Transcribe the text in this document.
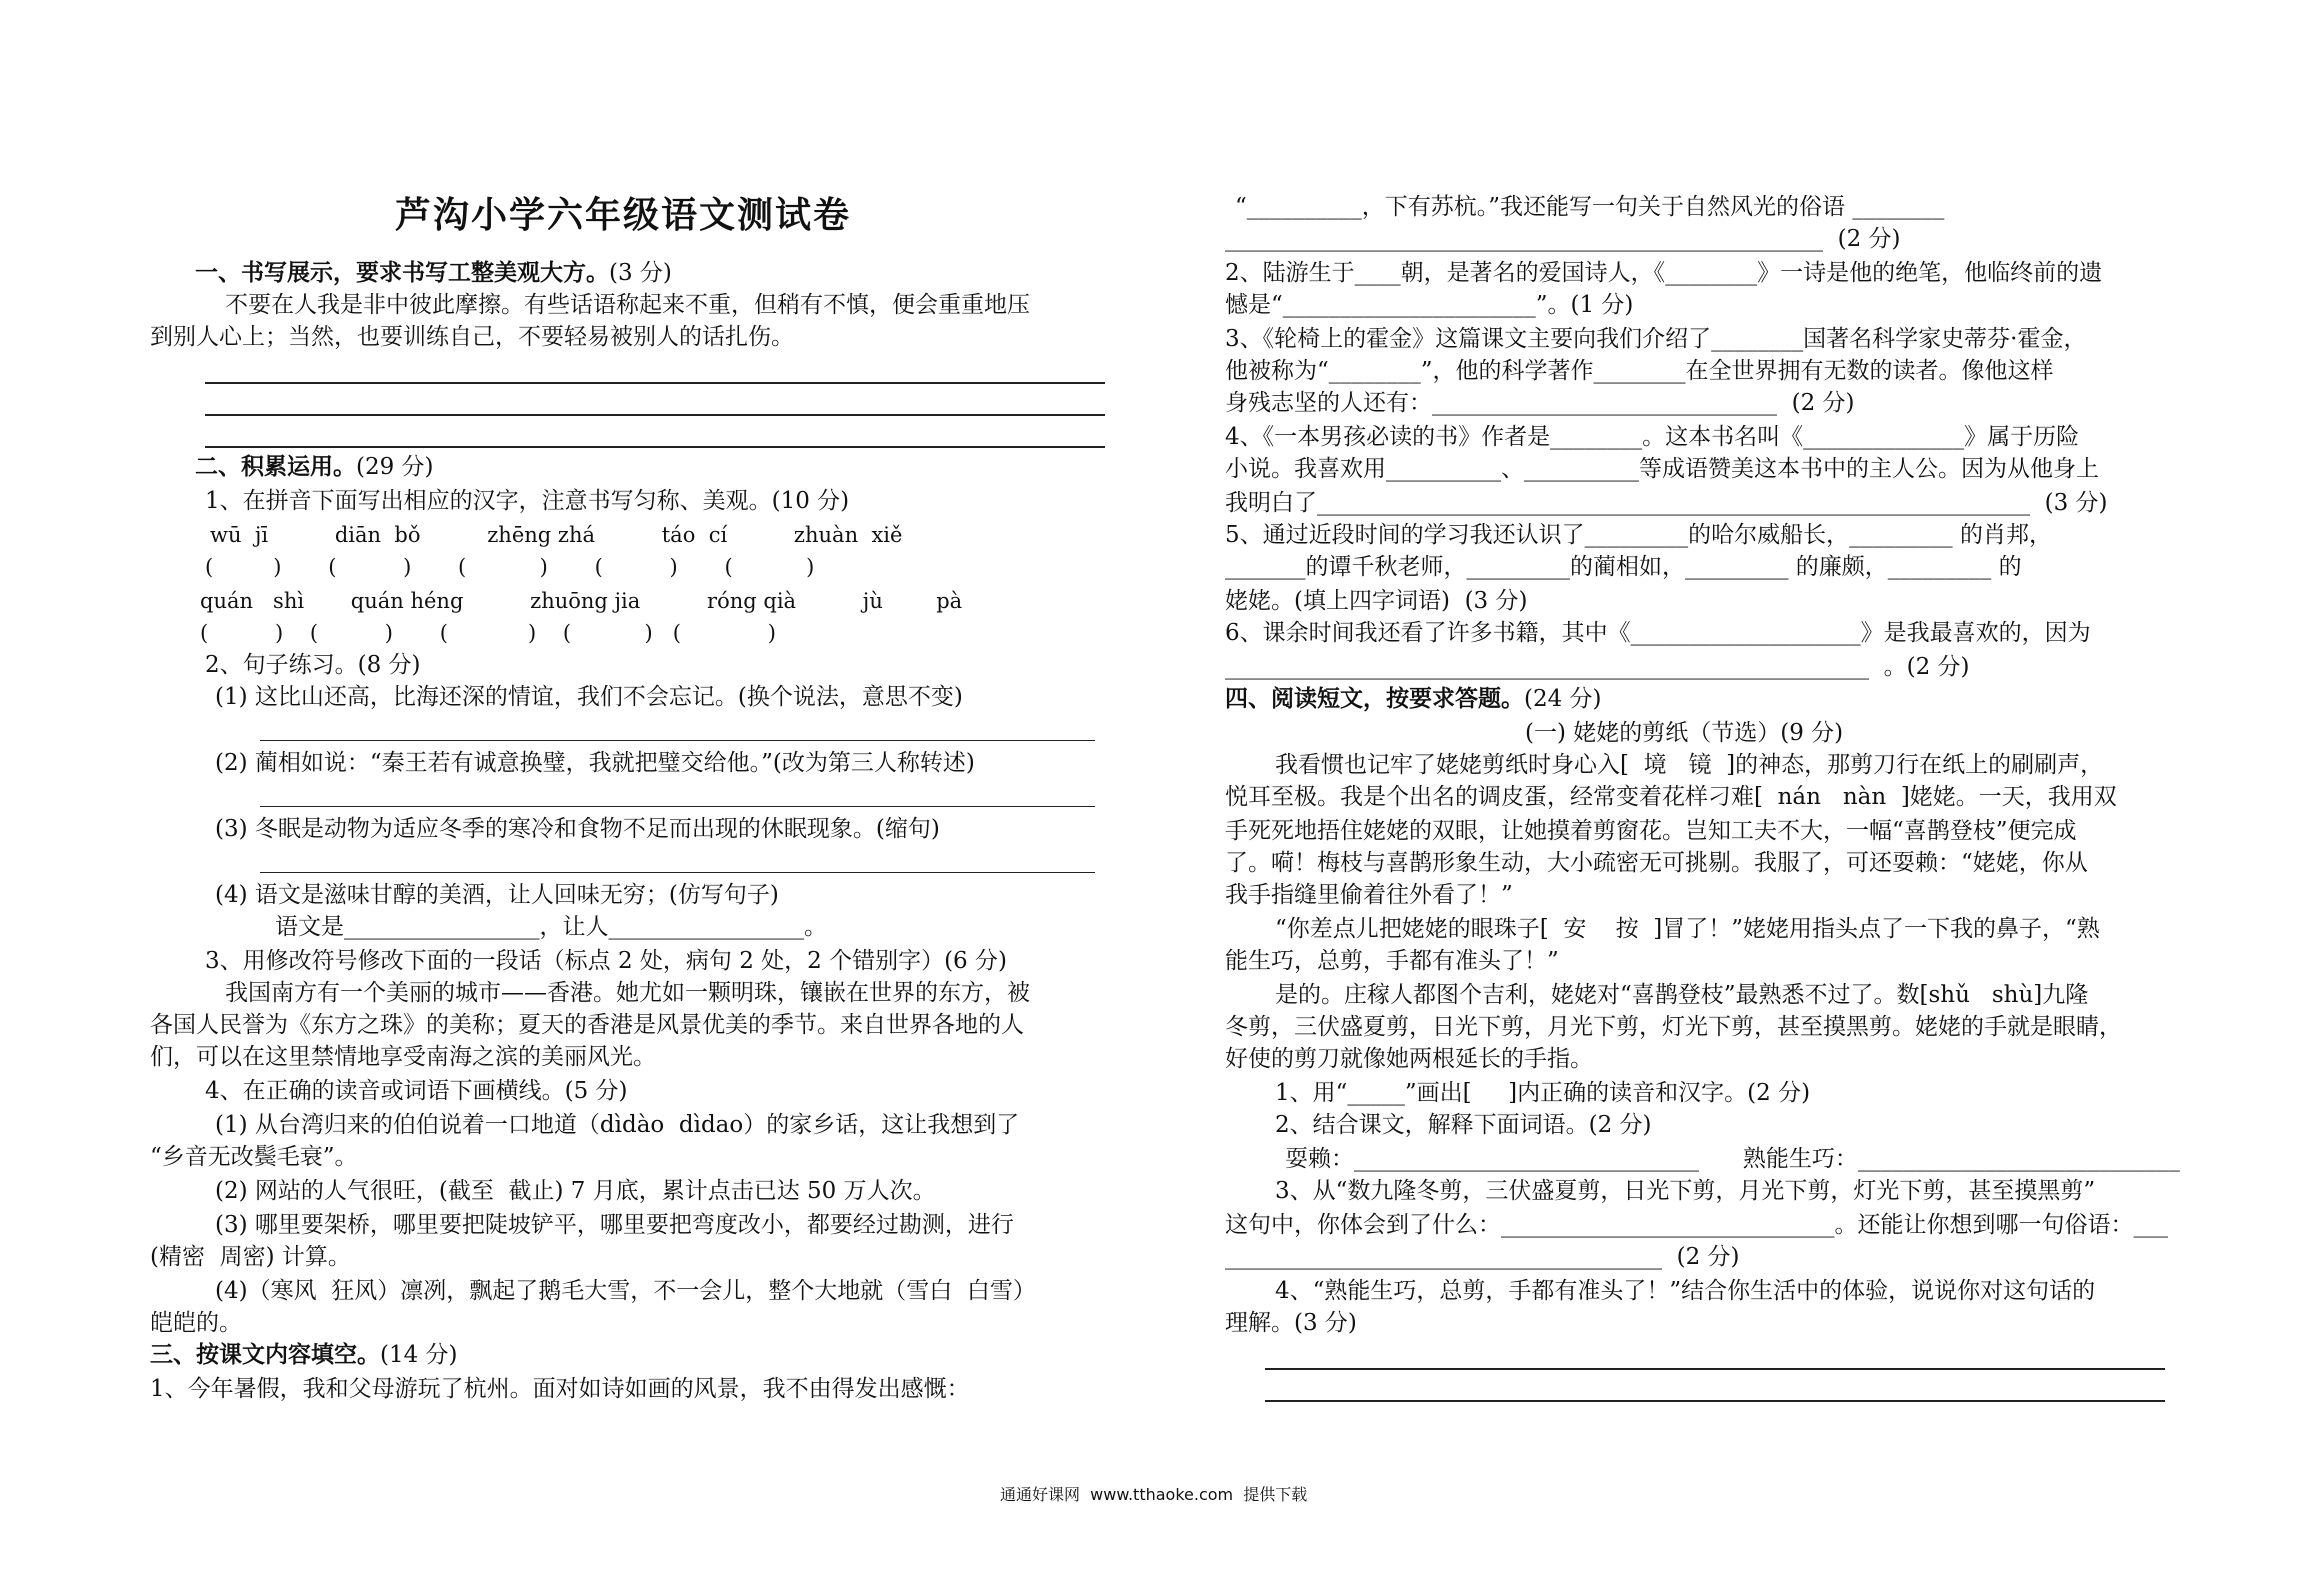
芦沟小学六年级语文测试卷
一、书写展示，要求书写工整美观大方。(3 分)
不要在人我是非中彼此摩擦。有些话语称起来不重，但稍有不慎，便会重重地压
到别人心上；当然，也要训练自己，不要轻易被别人的话扎伤。
二、积累运用。(29 分)
1、在拼音下面写出相应的汉字，注意书写匀称、美观。(10 分)
wū  jī          diān  bǒ          zhēng zhá          táo  cí          zhuàn  xiě
(         )       (          )       (           )       (          )       (           )
quán   shì       quán héng          zhuōng jia          róng qià          jù        pà
(          )    (          )       (            )    (           )   (             )
2、句子练习。(8 分)
(1) 这比山还高，比海还深的情谊，我们不会忘记。(换个说法，意思不变)
(2) 蔺相如说：“秦王若有诚意换璧，我就把璧交给他。”(改为第三人称转述)
(3) 冬眠是动物为适应冬季的寒冷和食物不足而出现的休眠现象。(缩句)
(4) 语文是滋味甘醇的美酒，让人回味无穷；(仿写句子)
语文是_________________，让人_________________。
3、用修改符号修改下面的一段话（标点 2 处，病句 2 处，2 个错别字）(6 分)
我国南方有一个美丽的城市——香港。她尤如一颗明珠，镶嵌在世界的东方，被
各国人民誉为《东方之珠》的美称；夏天的香港是风景优美的季节。来自世界各地的人
们，可以在这里禁情地享受南海之滨的美丽风光。
4、在正确的读音或词语下画横线。(5 分)
(1) 从台湾归来的伯伯说着一口地道（dìdào  dìdao）的家乡话，这让我想到了
“乡音无改鬓毛衰”。
(2) 网站的人气很旺，(截至  截止) 7 月底，累计点击已达 50 万人次。
(3) 哪里要架桥，哪里要把陡坡铲平，哪里要把弯度改小，都要经过勘测，进行
(精密  周密) 计算。
(4)（寒风  狂风）凛冽，飘起了鹅毛大雪，不一会儿，整个大地就（雪白  白雪）
皑皑的。
三、按课文内容填空。(14 分)
1、今年暑假，我和父母游玩了杭州。面对如诗如画的风景，我不由得发出感慨：
“__________，下有苏杭。”我还能写一句关于自然风光的俗语 ________
____________________________________________________  (2 分)
2、陆游生于____朝，是著名的爱国诗人，《________》一诗是他的绝笔，他临终前的遗
憾是“______________________”。(1 分)
3、《轮椅上的霍金》这篇课文主要向我们介绍了________国著名科学家史蒂芬·霍金，
他被称为“________”，他的科学著作________在全世界拥有无数的读者。像他这样
身残志坚的人还有：______________________________  (2 分)
4、《一本男孩必读的书》作者是________。这本书名叫《______________》属于历险
小说。我喜欢用__________、__________等成语赞美这本书中的主人公。因为从他身上
我明白了______________________________________________________________  (3 分)
5、通过近段时间的学习我还认识了_________的哈尔威船长，_________ 的肖邦，
_______的谭千秋老师，_________的蔺相如，_________ 的廉颇，_________ 的
姥姥。(填上四字词语)  (3 分)
6、课余时间我还看了许多书籍，其中《____________________》是我最喜欢的，因为
________________________________________________________  。(2 分)
四、阅读短文，按要求答题。(24 分)
(一) 姥姥的剪纸（节选）(9 分)
我看惯也记牢了姥姥剪纸时身心入[  境   镜  ]的神态，那剪刀行在纸上的刷刷声，
悦耳至极。我是个出名的调皮蛋，经常变着花样刁难[  nán   nàn  ]姥姥。一天，我用双
手死死地捂住姥姥的双眼，让她摸着剪窗花。岂知工夫不大，一幅“喜鹊登枝”便完成
了。嗬！梅枝与喜鹊形象生动，大小疏密无可挑剔。我服了，可还耍赖：“姥姥，你从
我手指缝里偷着往外看了！”
“你差点儿把姥姥的眼珠子[  安    按  ]冒了！”姥姥用指头点了一下我的鼻子，“熟
能生巧，总剪，手都有准头了！”
是的。庄稼人都图个吉利，姥姥对“喜鹊登枝”最熟悉不过了。数[shǔ   shù]九隆
冬剪，三伏盛夏剪，日光下剪，月光下剪，灯光下剪，甚至摸黑剪。姥姥的手就是眼睛，
好使的剪刀就像她两根延长的手指。
1、用“_____”画出[     ]内正确的读音和汉字。(2 分)
2、结合课文，解释下面词语。(2 分)
耍赖：______________________________      熟能生巧：____________________________
3、从“数九隆冬剪，三伏盛夏剪，日光下剪，月光下剪，灯光下剪，甚至摸黑剪”
这句中，你体会到了什么：_____________________________。还能让你想到哪一句俗语：___
______________________________________  (2 分)
4、“熟能生巧，总剪，手都有准头了！”结合你生活中的体验，说说你对这句话的
理解。(3 分)
通通好课网  www.tthaoke.com  提供下载
